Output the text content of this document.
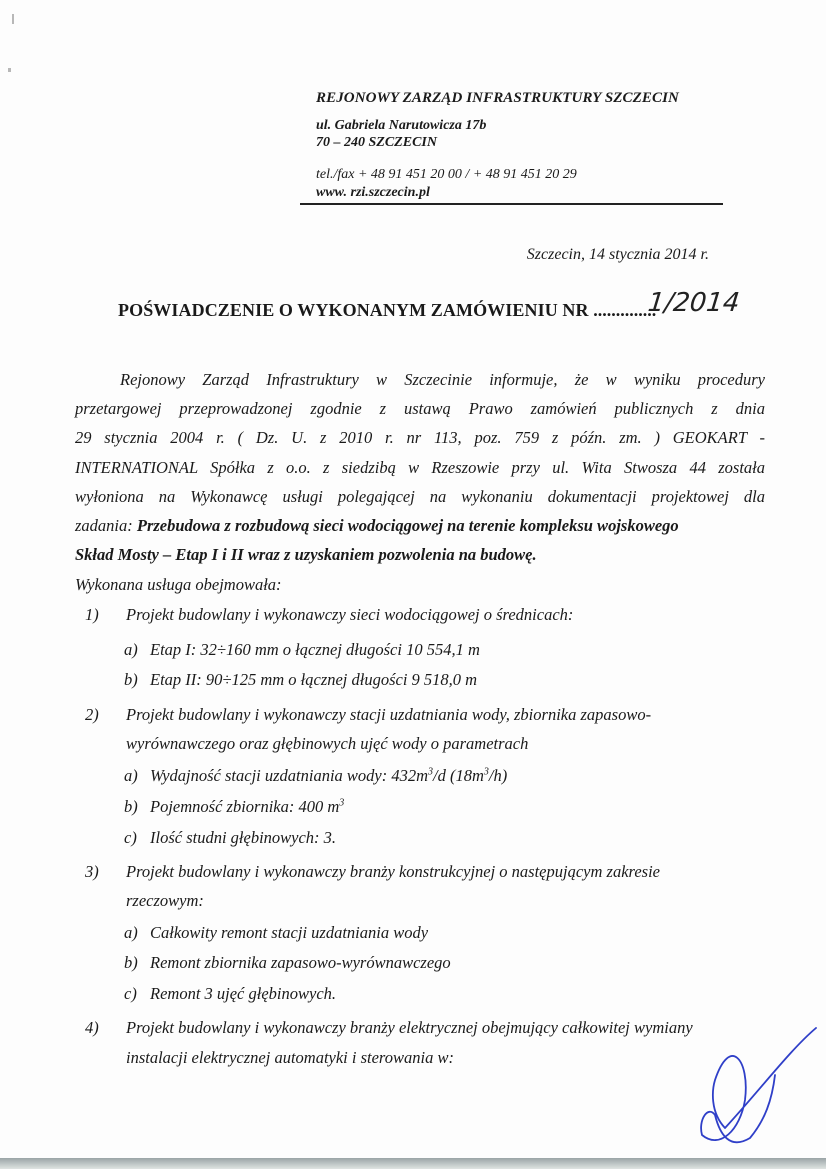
REJONOWY ZARZĄD INFRASTRUKTURY SZCZECIN
ul. Gabriela Narutowicza 17b
70 – 240 SZCZECIN
tel./fax + 48 91 451 20 00 / + 48 91 451 20 29
www. rzi.szczecin.pl
Szczecin, 14 stycznia 2014 r.
POŚWIADCZENIE O WYKONANYM ZAMÓWIENIU NR ..............
1/2014
Rejonowy Zarząd Infrastruktury w Szczecinie informuje, że w wyniku procedury
przetargowej przeprowadzonej zgodnie z ustawą Prawo zamówień publicznych z dnia
29 stycznia 2004 r. ( Dz. U. z 2010 r. nr 113, poz. 759 z późn. zm. ) GEOKART -
INTERNATIONAL Spółka z o.o. z siedzibą w Rzeszowie przy ul. Wita Stwosza 44 została
wyłoniona na Wykonawcę usługi polegającej na wykonaniu dokumentacji projektowej dla
zadania: Przebudowa z rozbudową sieci wodociągowej na terenie kompleksu wojskowego
Skład Mosty – Etap I i II wraz z uzyskaniem pozwolenia na budowę.
Wykonana usługa obejmowała:
1) Projekt budowlany i wykonawczy sieci wodociągowej o średnicach:
a) Etap I: 32÷160 mm o łącznej długości 10 554,1 m
b) Etap II: 90÷125 mm o łącznej długości 9 518,0 m
2) Projekt budowlany i wykonawczy stacji uzdatniania wody, zbiornika zapasowo-
wyrównawczego oraz głębinowych ujęć wody o parametrach
a) Wydajność stacji uzdatniania wody: $432m^3/d$ $(18m^3/h)$
b) Pojemność zbiornika: 400 $m^3$
c) Ilość studni głębinowych: 3.
3) Projekt budowlany i wykonawczy branży konstrukcyjnej o następującym zakresie
rzeczowym:
a) Całkowity remont stacji uzdatniania wody
b) Remont zbiornika zapasowo-wyrównawczego
c) Remont 3 ujęć głębinowych.
4) Projekt budowlany i wykonawczy branży elektrycznej obejmujący całkowitej wymiany
instalacji elektrycznej automatyki i sterowania w:
